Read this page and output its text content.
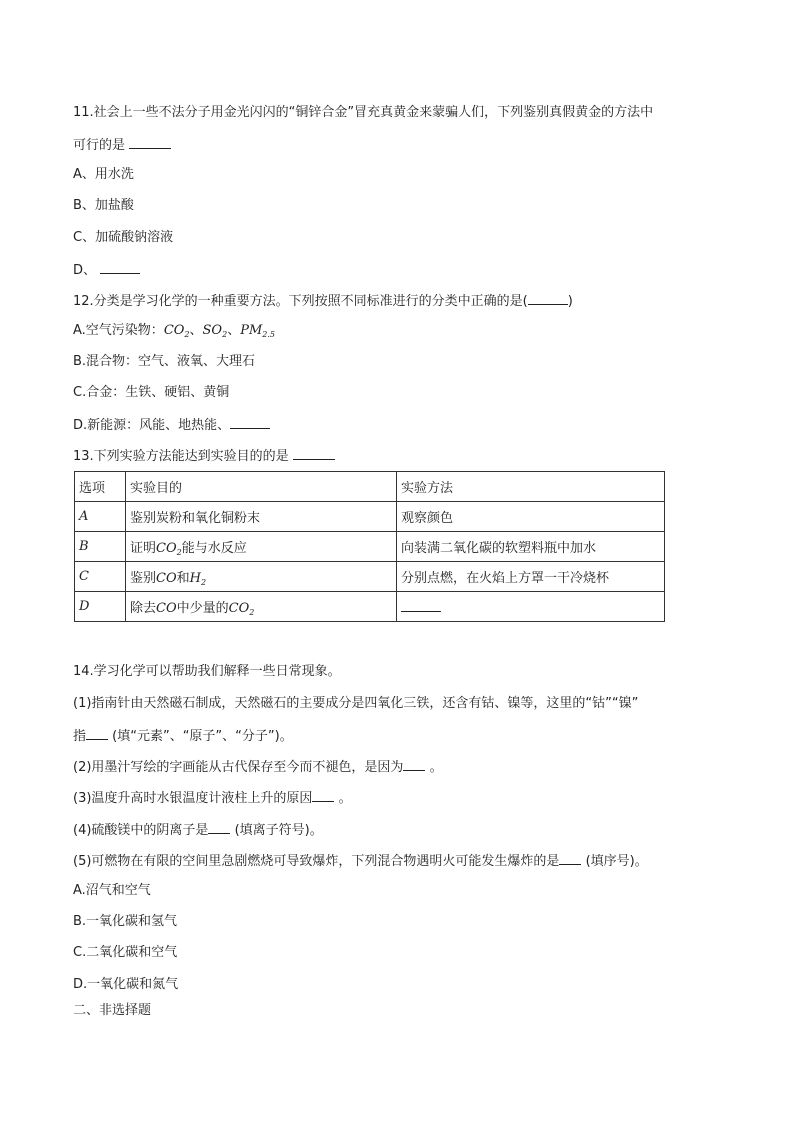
11.社会上一些不法分子用金光闪闪的“铜锌合金”冒充真黄金来蒙骗人们，下列鉴别真假黄金的方法中
可行的是
A、用水洗
B、加盐酸
C、加硫酸钠溶液
D、
12.分类是学习化学的一种重要方法。下列按照不同标准进行的分类中正确的是(	)
A.空气污染物：$CO_2$、$SO_2$、$PM_{2.5}$
B.混合物：空气、液氧、大理石
C.合金：生铁、硬铝、黄铜
D.新能源：风能、地热能、
13.下列实验方法能达到实验目的的是
选项	实验目的	实验方法
A	鉴别炭粉和氧化铜粉末	观察颜色
B	证明$CO_2$能与水反应	向装满二氧化碳的软塑料瓶中加水
C	鉴别CO和$H_2$	分别点燃，在火焰上方罩一干冷烧杯
D	除去CO中少量的$CO_2$	
14.学习化学可以帮助我们解释一些日常现象。
(1)指南针由天然磁石制成，天然磁石的主要成分是四氧化三铁，还含有钴、镍等，这里的“钴”“镍”
指 (填“元素”、“原子”、“分子”)。
(2)用墨汁写绘的字画能从古代保存至今而不褪色，是因为 。
(3)温度升高时水银温度计液柱上升的原因 。
(4)硫酸镁中的阴离子是 (填离子符号)。
(5)可燃物在有限的空间里急剧燃烧可导致爆炸，下列混合物遇明火可能发生爆炸的是 (填序号)。
A.沼气和空气
B.一氧化碳和氢气
C.二氧化碳和空气
D.一氧化碳和氮气
二、非选择题
